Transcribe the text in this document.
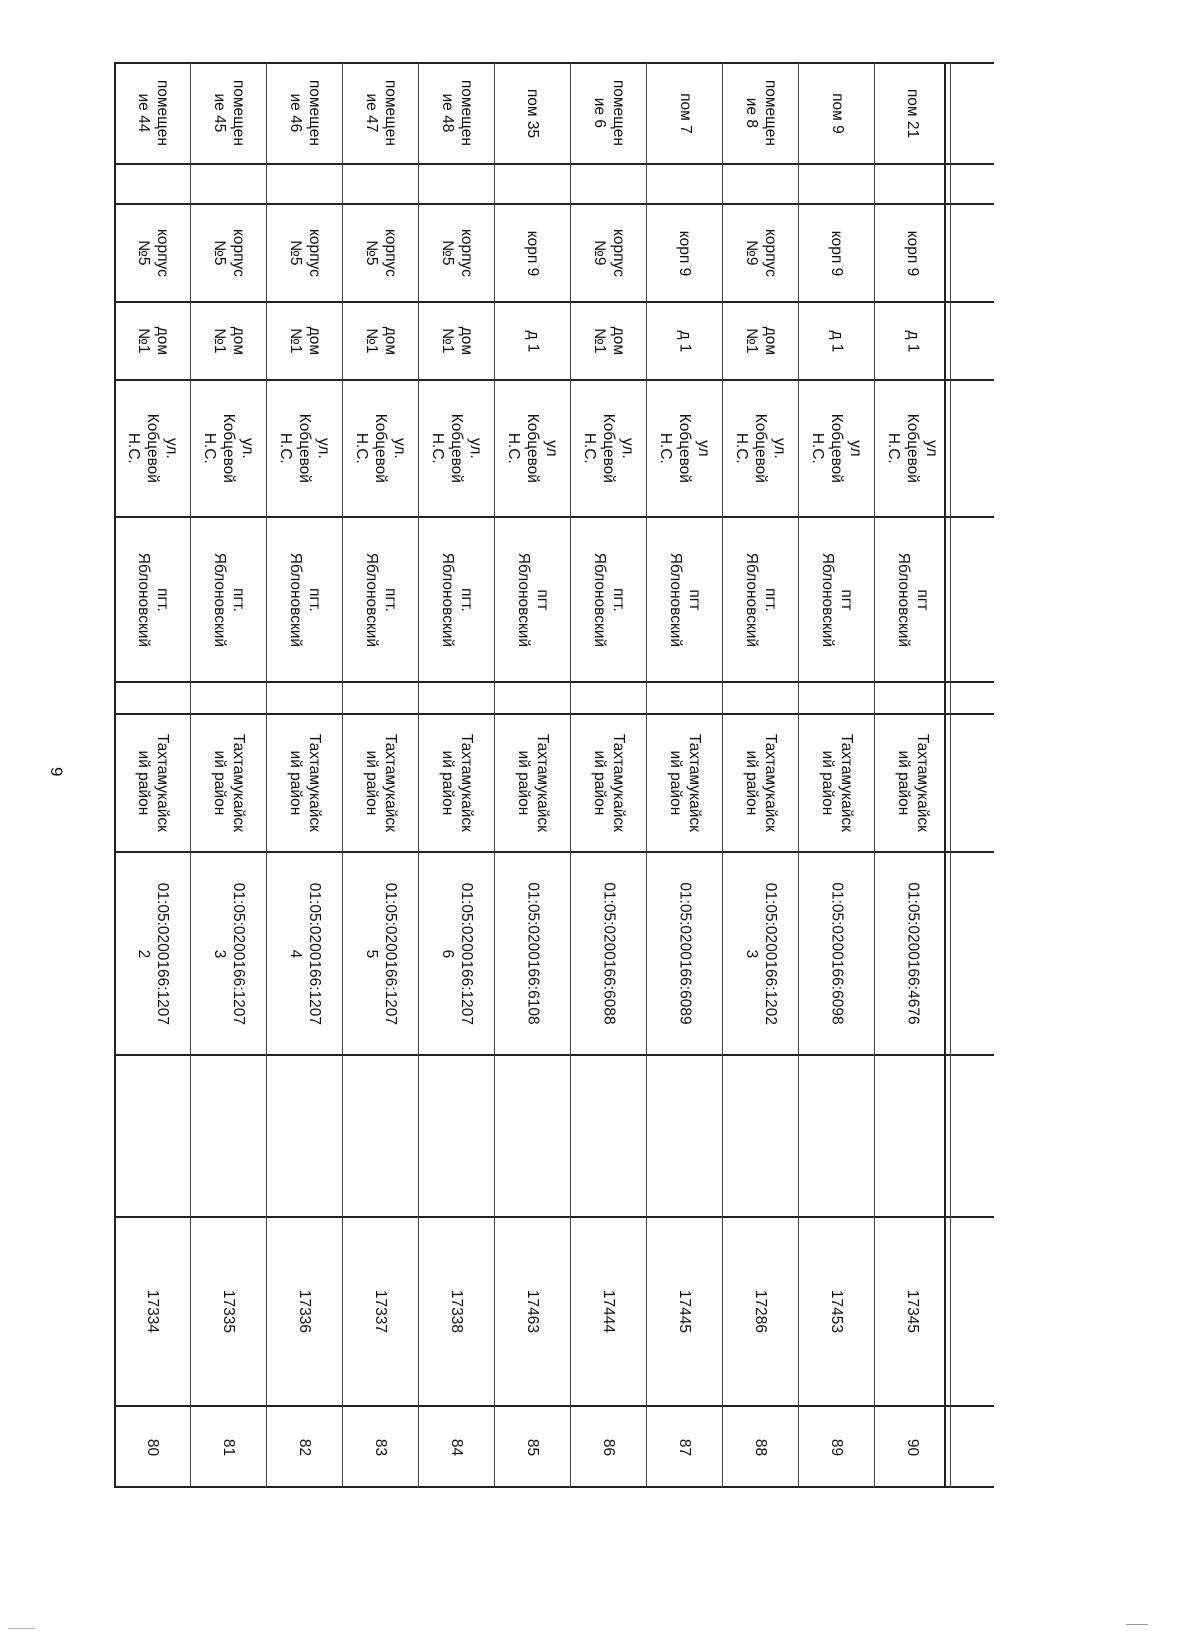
9
помещен
ие 44
корпус
№5
дом
№1
ул.
Кобцевой
Н.С.
пгт.
Яблоновский
Тахтамукайск
ий район
01:05:0200166:1207
2
17334
80
помещен
ие 45
корпус
№5
дом
№1
ул.
Кобцевой
Н.С.
пгт.
Яблоновский
Тахтамукайск
ий район
01:05:0200166:1207
3
17335
81
помещен
ие 46
корпус
№5
дом
№1
ул.
Кобцевой
Н.С.
пгт.
Яблоновский
Тахтамукайск
ий район
01:05:0200166:1207
4
17336
82
помещен
ие 47
корпус
№5
дом
№1
ул.
Кобцевой
Н.С.
пгт.
Яблоновский
Тахтамукайск
ий район
01:05:0200166:1207
5
17337
83
помещен
ие 48
корпус
№5
дом
№1
ул.
Кобцевой
Н.С.
пгт.
Яблоновский
Тахтамукайск
ий район
01:05:0200166:1207
6
17338
84
пом 35
корп 9
д 1
ул
Кобцевой
Н.С.
пгт
Яблоновский
Тахтамукайск
ий район
01:05:0200166:6108
17463
85
помещен
ие 6
корпус
№9
дом
№1
ул.
Кобцевой
Н.С.
пгт.
Яблоновский
Тахтамукайск
ий район
01:05:0200166:6088
17444
86
пом 7
корп 9
д 1
ул
Кобцевой
Н.С.
пгт
Яблоновский
Тахтамукайск
ий район
01:05:0200166:6089
17445
87
помещен
ие 8
корпус
№9
дом
№1
ул.
Кобцевой
Н.С.
пгт.
Яблоновский
Тахтамукайск
ий район
01:05:0200166:1202
3
17286
88
пом 9
корп 9
д 1
ул
Кобцевой
Н.С.
пгт
Яблоновский
Тахтамукайск
ий район
01:05:0200166:6098
17453
89
пом 21
корп 9
д 1
ул
Кобцевой
Н.С.
пгт
Яблоновский
Тахтамукайск
ий район
01:05:0200166:4676
17345
90
